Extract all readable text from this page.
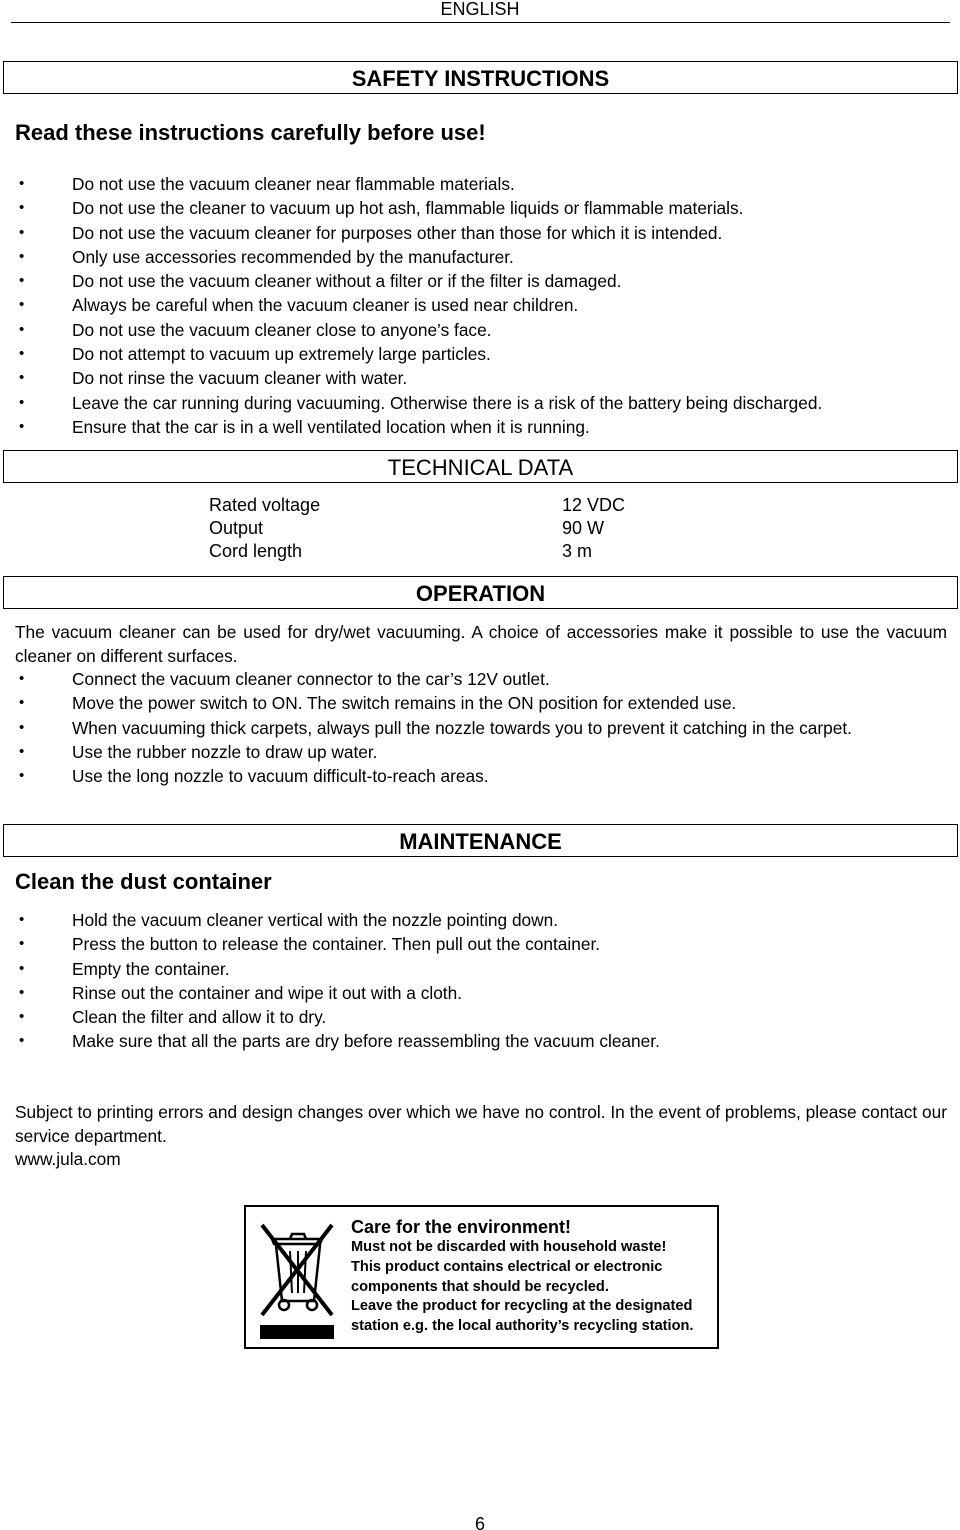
ENGLISH
SAFETY INSTRUCTIONS
Read these instructions carefully before use!
• Do not use the vacuum cleaner near flammable materials.
• Do not use the cleaner to vacuum up hot ash, flammable liquids or flammable materials.
• Do not use the vacuum cleaner for purposes other than those for which it is intended.
• Only use accessories recommended by the manufacturer.
• Do not use the vacuum cleaner without a filter or if the filter is damaged.
• Always be careful when the vacuum cleaner is used near children.
• Do not use the vacuum cleaner close to anyone’s face.
• Do not attempt to vacuum up extremely large particles.
• Do not rinse the vacuum cleaner with water.
• Leave the car running during vacuuming. Otherwise there is a risk of the battery being discharged.
• Ensure that the car is in a well ventilated location when it is running.
TECHNICAL DATA
Rated voltage	12 VDC
Output	90 W
Cord length	3 m
OPERATION
The vacuum cleaner can be used for dry/wet vacuuming. A choice of accessories make it possible to use the vacuum cleaner on different surfaces.
• Connect the vacuum cleaner connector to the car’s 12V outlet.
• Move the power switch to ON. The switch remains in the ON position for extended use.
• When vacuuming thick carpets, always pull the nozzle towards you to prevent it catching in the carpet.
• Use the rubber nozzle to draw up water.
• Use the long nozzle to vacuum difficult-to-reach areas.
MAINTENANCE
Clean the dust container
• Hold the vacuum cleaner vertical with the nozzle pointing down.
• Press the button to release the container. Then pull out the container.
• Empty the container.
• Rinse out the container and wipe it out with a cloth.
• Clean the filter and allow it to dry.
• Make sure that all the parts are dry before reassembling the vacuum cleaner.
Subject to printing errors and design changes over which we have no control. In the event of problems, please contact our service department.
www.jula.com
Care for the environment!
Must not be discarded with household waste!
This product contains electrical or electronic components that should be recycled.
Leave the product for recycling at the designated station e.g. the local authority’s recycling station.
6
